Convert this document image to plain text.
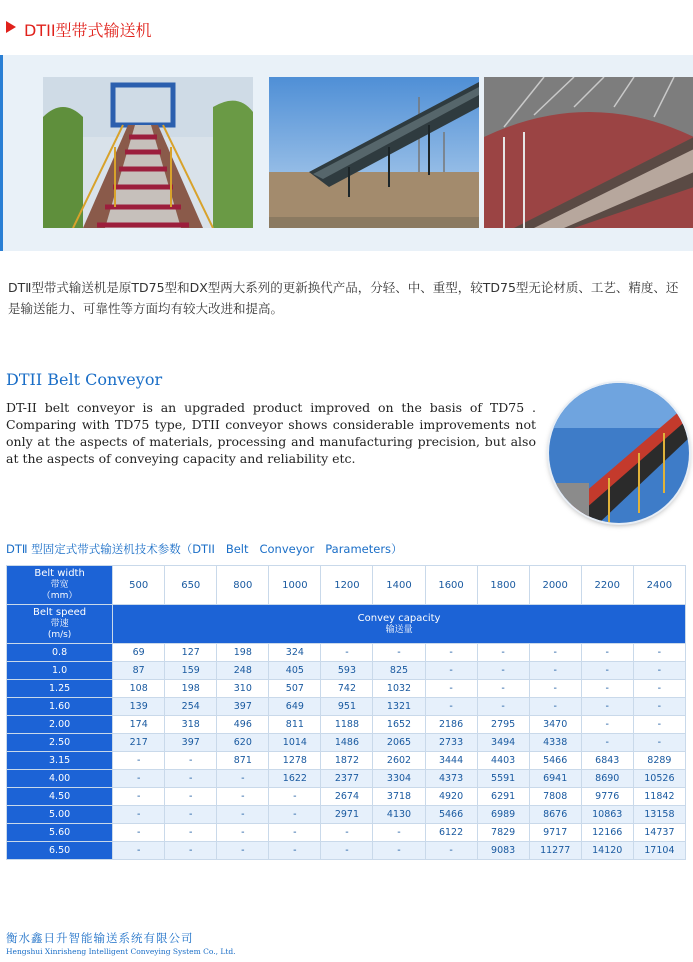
DTII型带式输送机
DTⅡ型带式输送机是原TD75型和DX型两大系列的更新换代产品，分轻、中、重型，较TD75型无论材质、工艺、精度、还是输送能力、可靠性等方面均有较大改进和提高。
DTII Belt Conveyor
DT-II belt conveyor is an upgraded product improved on the basis of TD75 . Comparing with TD75 type, DTII conveyor shows considerable improvements not only at the aspects of materials, processing and manufacturing precision, but also at the aspects of conveying capacity and reliability etc.
DTⅡ 型固定式带式输送机技术参数（DTII   Belt   Conveyor   Parameters）
Belt width
带宽
（mm）	500	650	800	1000	1200	1400	1600	1800	2000	2200	2400

Belt speed
带速
(m/s)	Convey capacity
输送量										

0.8	69	127	198	324	-	-	-	-	-	-	-
1.0	87	159	248	405	593	825	-	-	-	-	-
1.25	108	198	310	507	742	1032	-	-	-	-	-
1.60	139	254	397	649	951	1321	-	-	-	-	-
2.00	174	318	496	811	1188	1652	2186	2795	3470	-	-
2.50	217	397	620	1014	1486	2065	2733	3494	4338	-	-
3.15	-	-	871	1278	1872	2602	3444	4403	5466	6843	8289
4.00	-	-	-	1622	2377	3304	4373	5591	6941	8690	10526
4.50	-	-	-	-	2674	3718	4920	6291	7808	9776	11842
5.00	-	-	-	-	2971	4130	5466	6989	8676	10863	13158
5.60	-	-	-	-	-	-	6122	7829	9717	12166	14737
6.50	-	-	-	-	-	-	-	9083	11277	14120	17104
衡水鑫日升智能输送系统有限公司
Hengshui Xinrisheng Intelligent Conveying System Co., Ltd.
